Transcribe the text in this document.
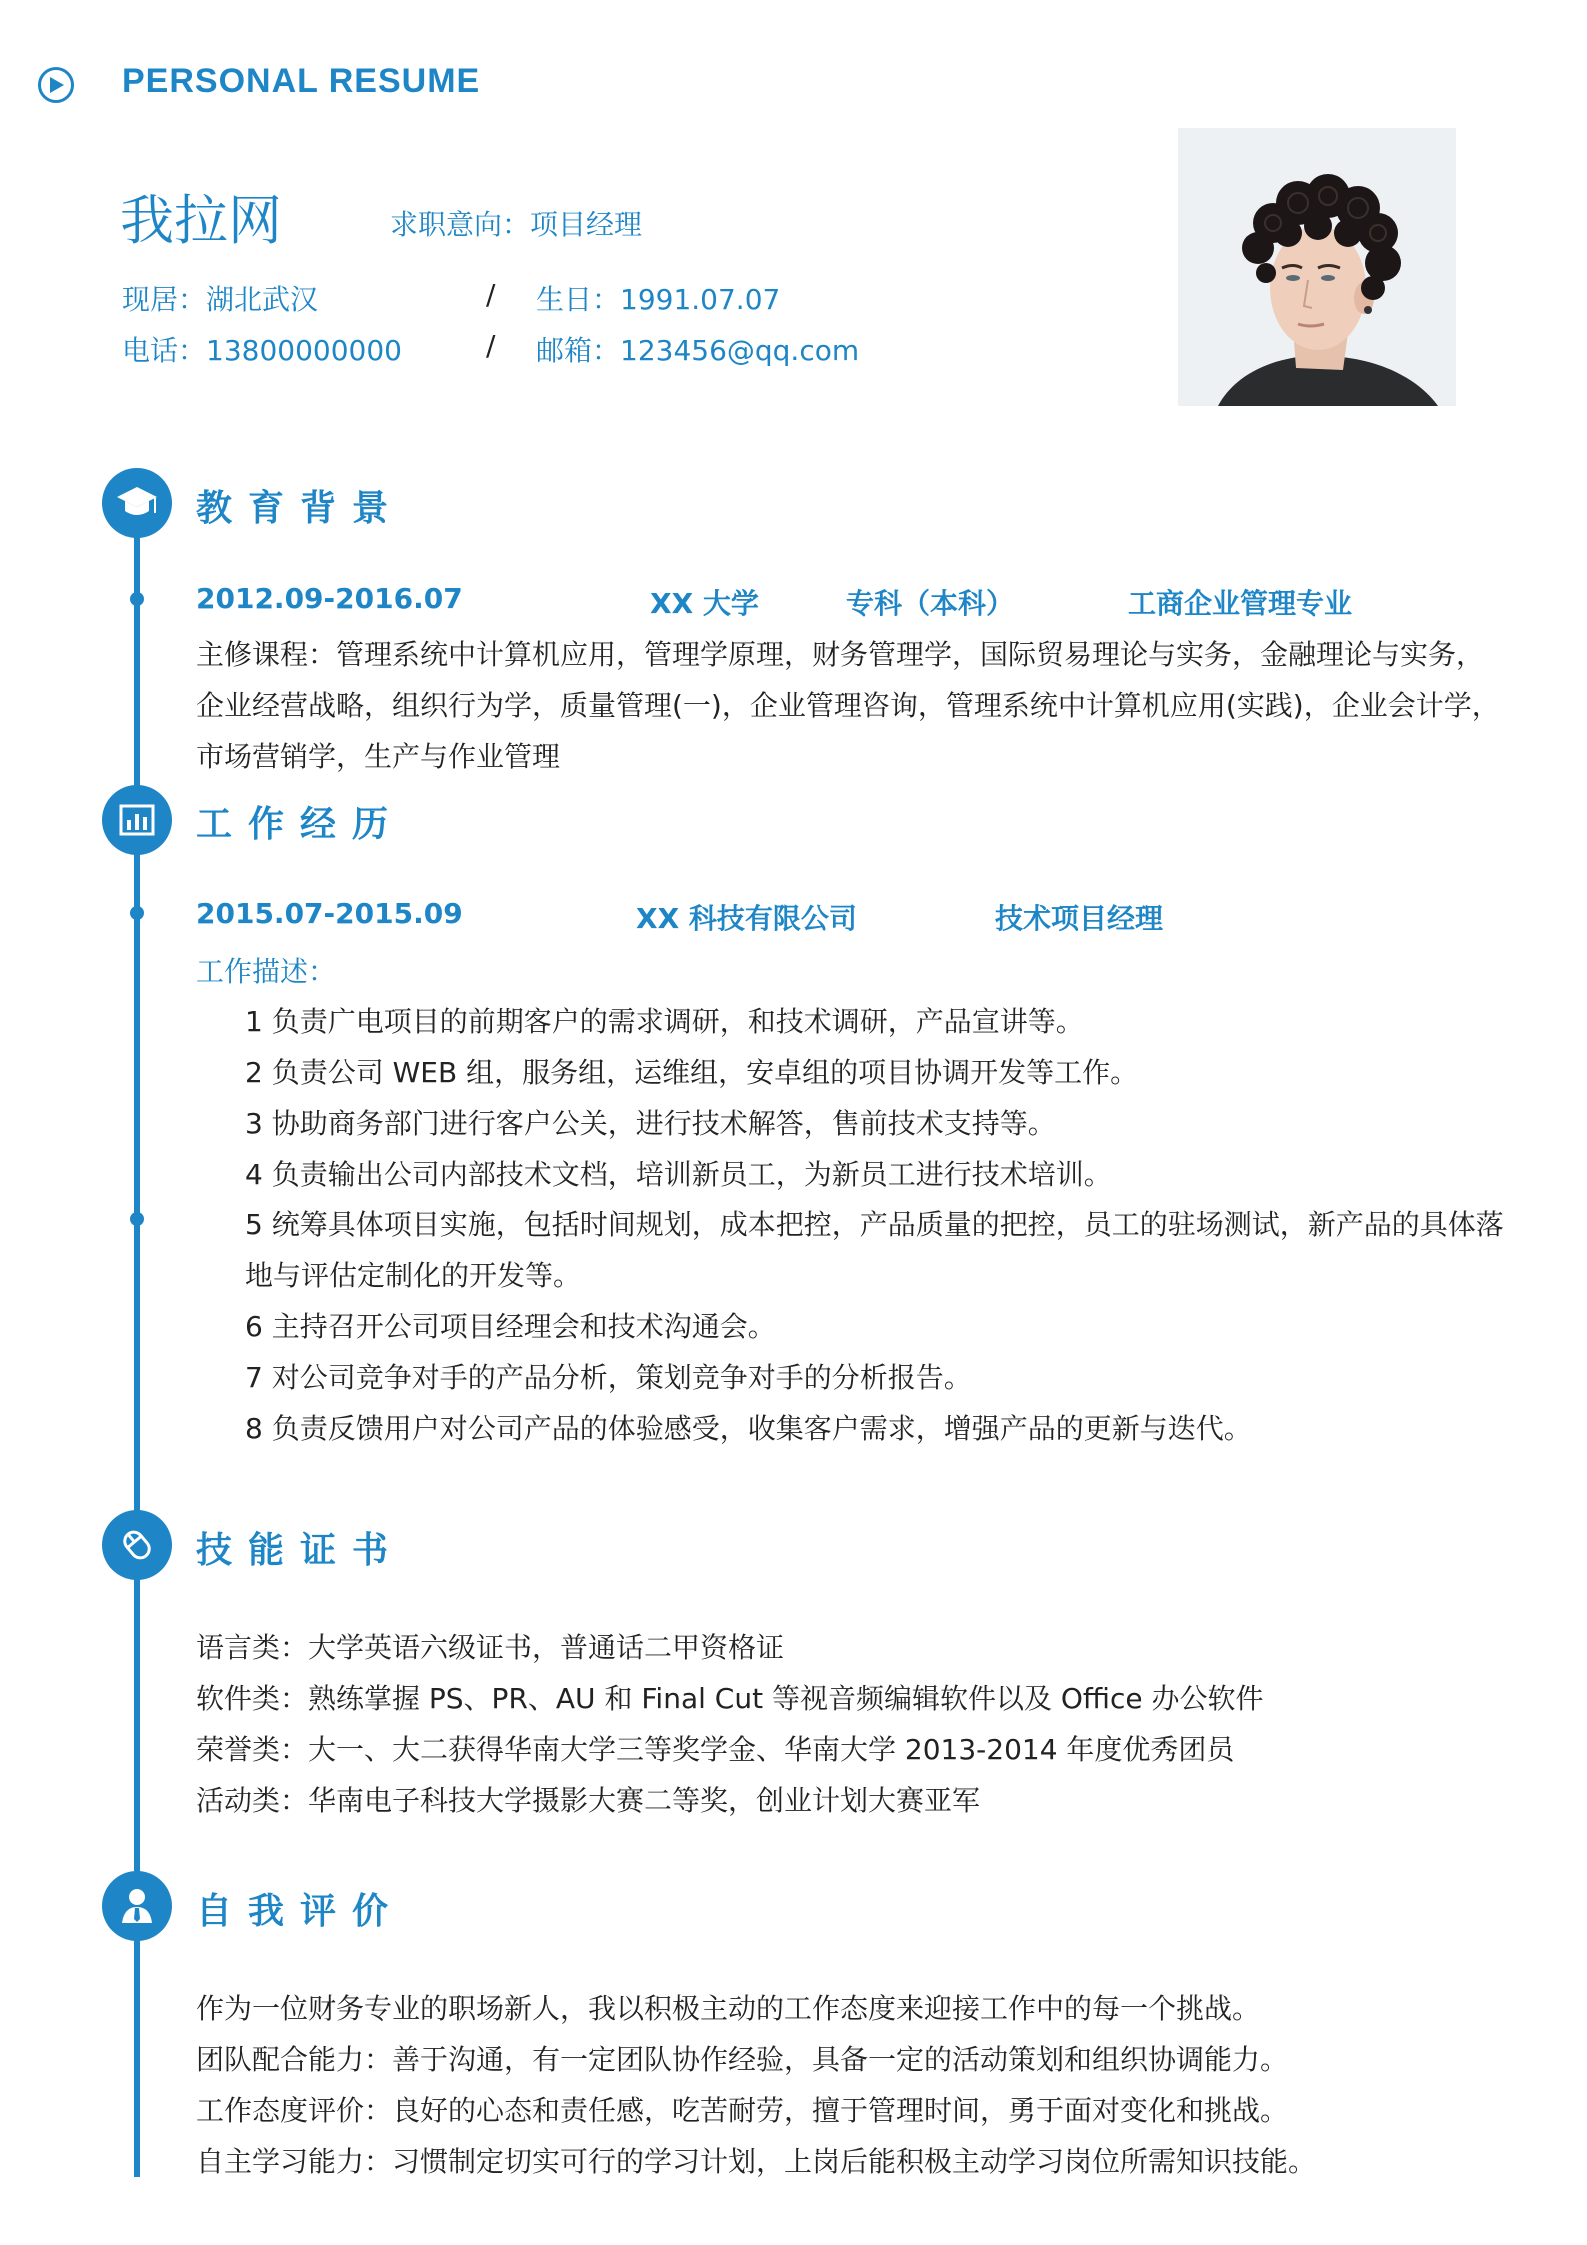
PERSONAL RESUME
我拉网	求职意向：项目经理
现居：湖北武汉	/ 生日：1991.07.07
电话：13800000000	/ 邮箱：123456@qq.com
教育背景
2012.09-2016.07	XX 大学	专科（本科）	工商企业管理专业
主修课程：管理系统中计算机应用，管理学原理，财务管理学，国际贸易理论与实务，金融理论与实务，
企业经营战略，组织行为学，质量管理(一)，企业管理咨询，管理系统中计算机应用(实践)，企业会计学，
市场营销学，生产与作业管理
工作经历
2015.07-2015.09	XX 科技有限公司	技术项目经理
工作描述：
1 负责广电项目的前期客户的需求调研，和技术调研，产品宣讲等。
2 负责公司 WEB 组，服务组，运维组，安卓组的项目协调开发等工作。
3 协助商务部门进行客户公关，进行技术解答，售前技术支持等。
4 负责输出公司内部技术文档，培训新员工，为新员工进行技术培训。
5 统筹具体项目实施，包括时间规划，成本把控，产品质量的把控，员工的驻场测试，新产品的具体落
地与评估定制化的开发等。
6 主持召开公司项目经理会和技术沟通会。
7 对公司竞争对手的产品分析，策划竞争对手的分析报告。
8 负责反馈用户对公司产品的体验感受，收集客户需求，增强产品的更新与迭代。
技能证书
语言类：大学英语六级证书，普通话二甲资格证
软件类：熟练掌握 PS、PR、AU 和 Final Cut 等视音频编辑软件以及 Office 办公软件
荣誉类：大一、大二获得华南大学三等奖学金、华南大学 2013-2014 年度优秀团员
活动类：华南电子科技大学摄影大赛二等奖，创业计划大赛亚军
自我评价
作为一位财务专业的职场新人，我以积极主动的工作态度来迎接工作中的每一个挑战。
团队配合能力：善于沟通，有一定团队协作经验，具备一定的活动策划和组织协调能力。
工作态度评价：良好的心态和责任感，吃苦耐劳，擅于管理时间，勇于面对变化和挑战。
自主学习能力：习惯制定切实可行的学习计划，上岗后能积极主动学习岗位所需知识技能。
